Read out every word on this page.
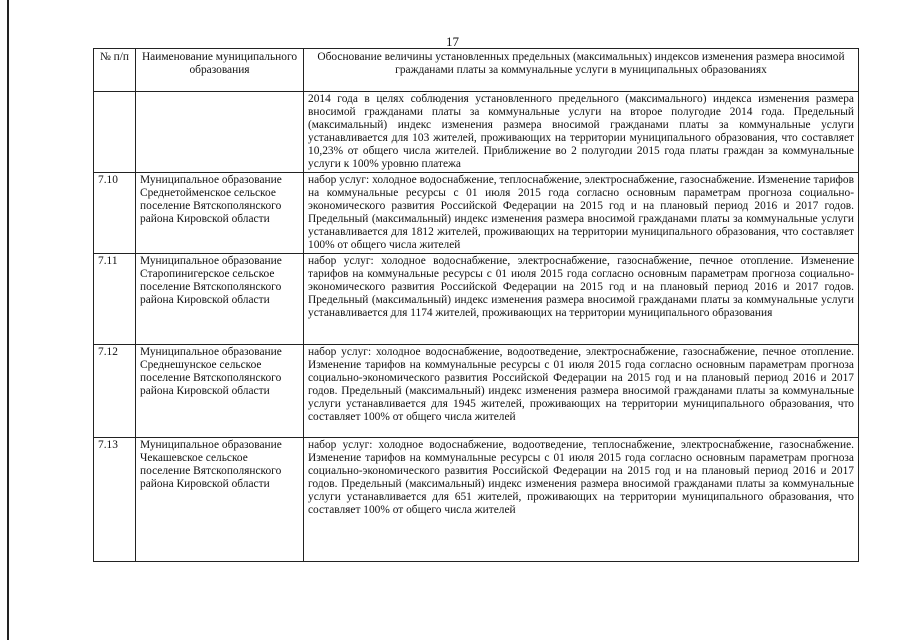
17
№ п/п	Наименование муниципального образования	Обоснование величины установленных предельных (максимальных) индексов изменения размера вносимой гражданами платы за коммунальные услуги в муниципальных образованиях
		2014 года в целях соблюдения установленного предельного (максимального) индекса изменения размера вносимой гражданами платы за коммунальные услуги на второе полугодие 2014 года. Предельный (максимальный) индекс изменения размера вносимой гражданами платы за коммунальные услуги устанавливается для 103 жителей, проживающих на территории муниципального образования, что составляет 10,23% от общего числа жителей. Приближение во 2 полугодии 2015 года платы граждан за коммунальные услуги к 100% уровню платежа
7.10	Муниципальное образование Среднетойменское сельское поселение Вятскополянского района Кировской области	набор услуг: холодное водоснабжение, теплоснабжение, электроснабжение, газоснабжение. Изменение тарифов на коммунальные ресурсы с 01 июля 2015 года согласно основным параметрам прогноза социально-экономического развития Российской Федерации на 2015 год и на плановый период 2016 и 2017 годов. Предельный (максимальный) индекс изменения размера вносимой гражданами платы за коммунальные услуги устанавливается для 1812 жителей, проживающих на территории муниципального образования, что составляет 100% от общего числа жителей
7.11	Муниципальное образование Старопинигерское сельское поселение Вятскополянского района Кировской области	набор услуг: холодное водоснабжение, электроснабжение, газоснабжение, печное отопление. Изменение тарифов на коммунальные ресурсы с 01 июля 2015 года согласно основным параметрам прогноза социально-экономического развития Российской Федерации на 2015 год и на плановый период 2016 и 2017 годов. Предельный (максимальный) индекс изменения размера вносимой гражданами платы за коммунальные услуги устанавливается для 1174 жителей, проживающих на территории муниципального образования
7.12	Муниципальное образование Среднешунское сельское поселение Вятскополянского района Кировской области	набор услуг: холодное водоснабжение, водоотведение, электроснабжение, газоснабжение, печное отопление. Изменение тарифов на коммунальные ресурсы с 01 июля 2015 года согласно основным параметрам прогноза социально-экономического развития Российской Федерации на 2015 год и на плановый период 2016 и 2017 годов. Предельный (максимальный) индекс изменения размера вносимой гражданами платы за коммунальные услуги устанавливается для 1945 жителей, проживающих на территории муниципального образования, что составляет 100% от общего числа жителей
7.13	Муниципальное образование Чекашевское сельское поселение Вятскополянского района Кировской области	набор услуг: холодное водоснабжение, водоотведение, теплоснабжение, электроснабжение, газоснабжение. Изменение тарифов на коммунальные ресурсы с 01 июля 2015 года согласно основным параметрам прогноза социально-экономического развития Российской Федерации на 2015 год и на плановый период 2016 и 2017 годов. Предельный (максимальный) индекс изменения размера вносимой гражданами платы за коммунальные услуги устанавливается для 651 жителей, проживающих на территории муниципального образования, что составляет 100% от общего числа жителей
